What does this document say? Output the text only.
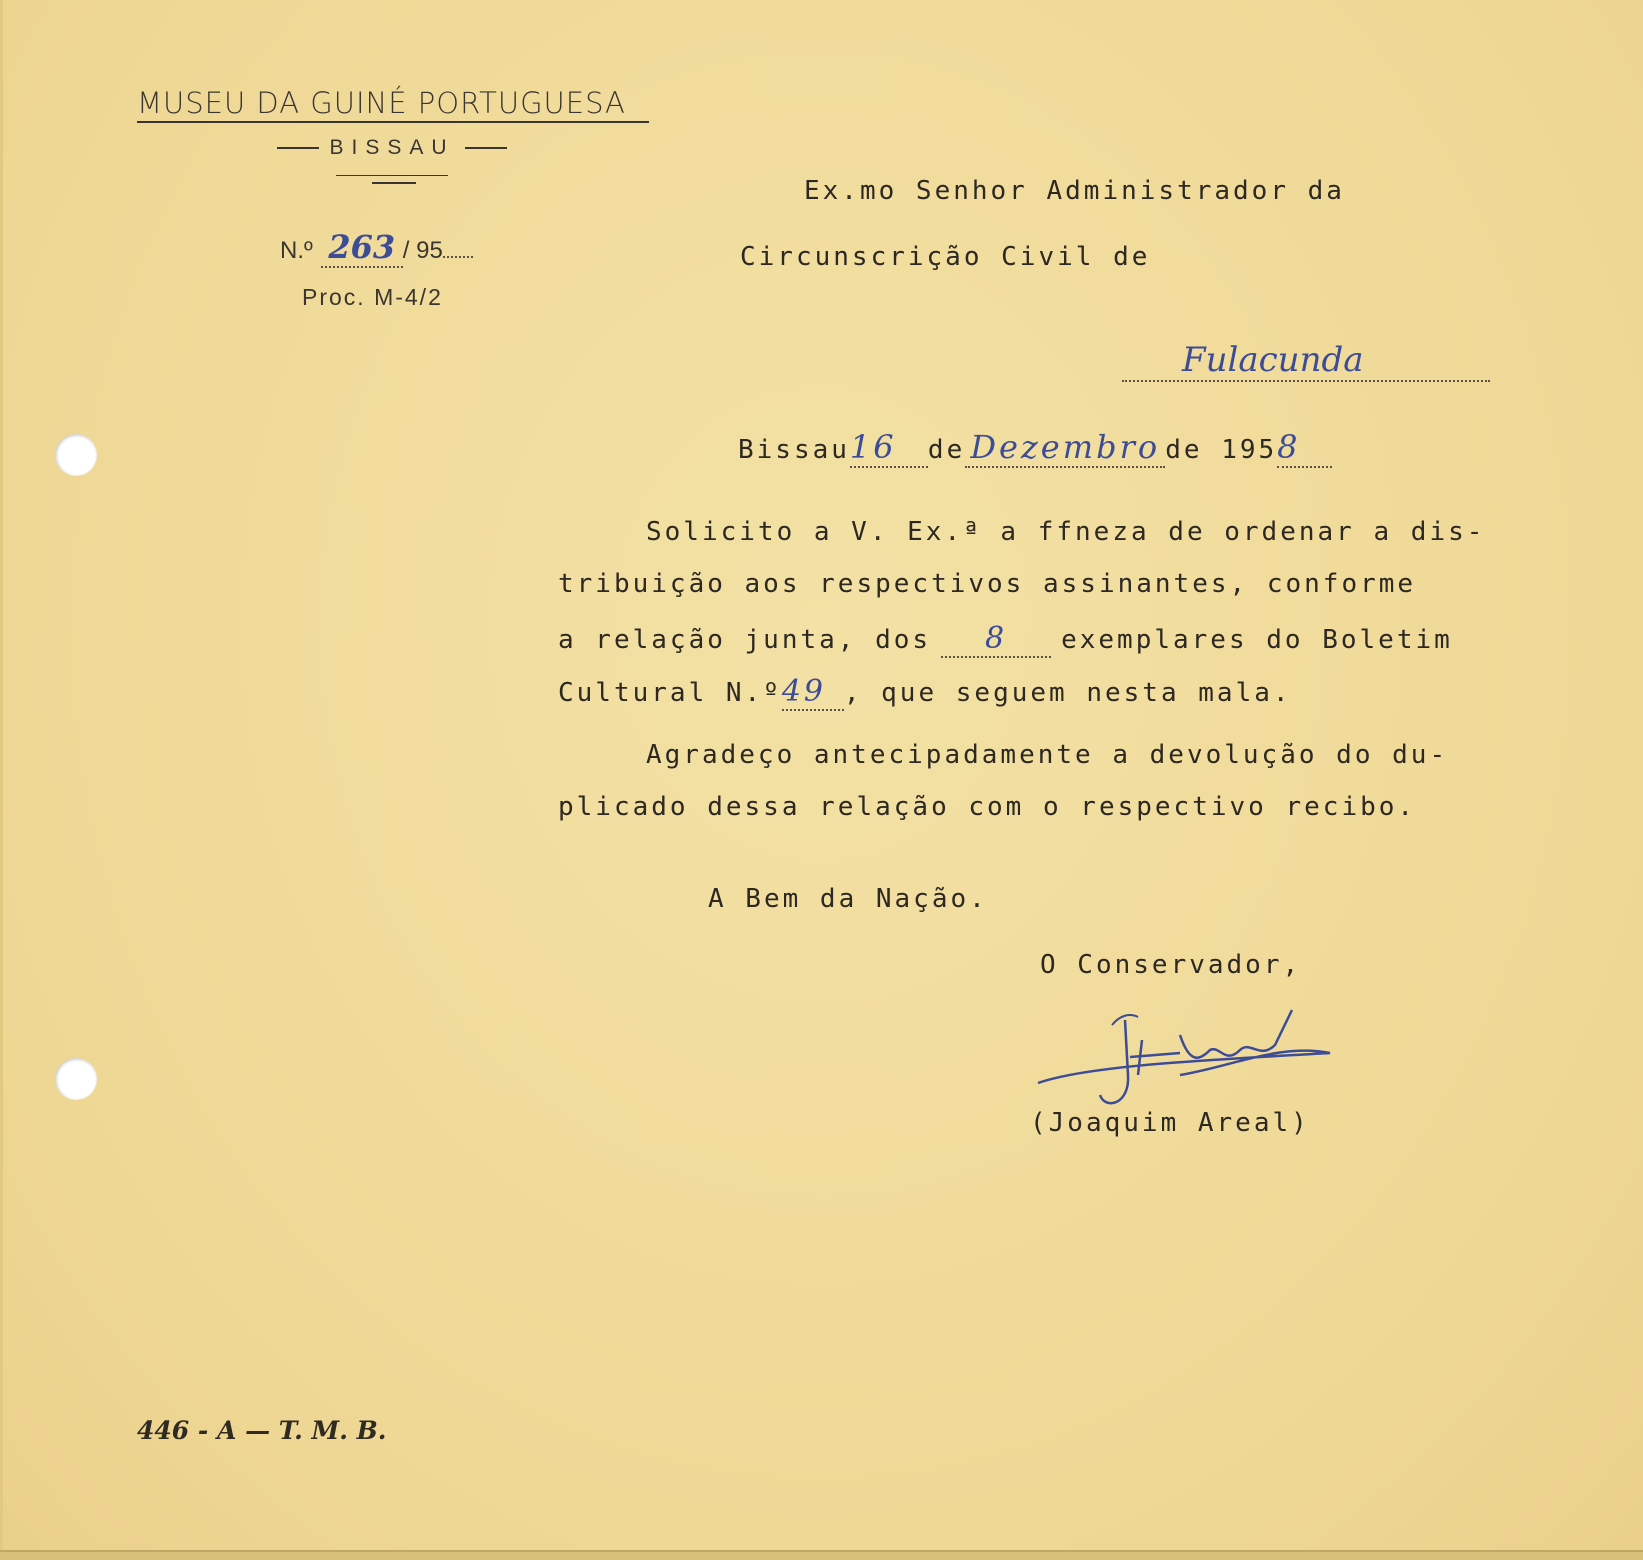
MUSEU DA GUINÉ PORTUGUESA
BISSAU
N.º 263 / 95
Proc. M-4/2
Ex.mo Senhor Administrador da
Circunscrição Civil de
Fulacunda
Bissau 16	de Dezembro de 195 8
Solicito a V. Ex.ª a ffneza de ordenar a dis-
tribuição aos respectivos assinantes, conforme
a relação junta, dos	8	exemplares do Boletim
Cultural N.º 49 , que seguem nesta mala.
Agradeço antecipadamente a devolução do du-
plicado dessa relação com o respectivo recibo.
A Bem da Nação.
O Conservador,
(Joaquim Areal)
446 - A — T. M. B.
